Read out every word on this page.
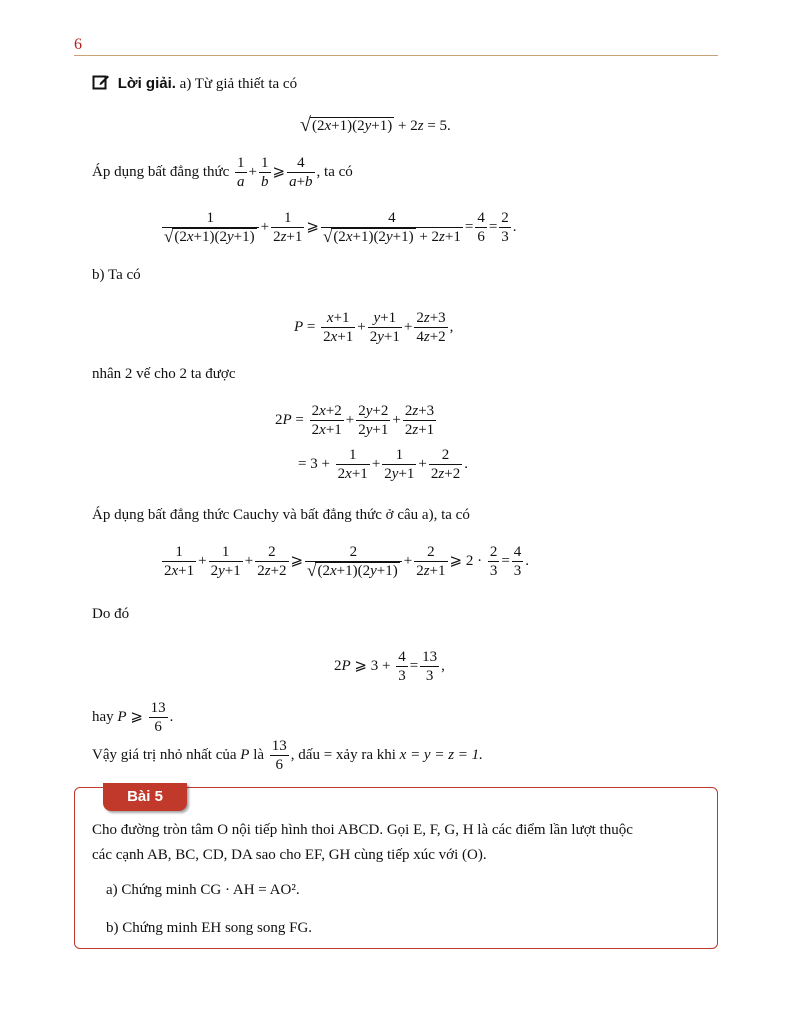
6
Lời giải. a) Từ giả thiết ta có
√(2x+1)(2y+1) + 2z = 5.
Áp dụng bất đẳng thức $\frac{1}{a} + \frac{1}{b}$ ⩾ $\frac{4}{a+b}$ , ta có
$\frac{1}{√(2x+1)(2y+1)} + \frac{1}{2z+1}$ ⩾ $\frac{4}{√(2x+1)(2y+1) + 2z+1} = \frac{4}{6} = \frac{2}{3}$ .
b) Ta có
$P = \frac{x+1}{2x+1} + \frac{y+1}{2y+1} + \frac{2z+3}{4z+2}$ ,
nhân 2 vế cho 2 ta được
$2P = \frac{2x+2}{2x+1} + \frac{2y+2}{2y+1} + \frac{2z+3}{2z+1}$
= $3 + \frac{1}{2x+1} + \frac{1}{2y+1} + \frac{2}{2z+2}$ .
Áp dụng bất đẳng thức Cauchy và bất đẳng thức ở câu a), ta có
$\frac{1}{2x+1} + \frac{1}{2y+1} + \frac{2}{2z+2}$ ⩾ $\frac{2}{√(2x+1)(2y+1)} + \frac{2}{2z+1}$ ⩾ $2 \cdot \frac{2}{3} = \frac{4}{3}$ .
Do đó
2P ⩾ $3 + \frac{4}{3} = \frac{13}{3}$ ,
hay P ⩾ $\frac{13}{6}$ .
Vậy giá trị nhỏ nhất của P là $\frac{13}{6}$ , dấu = xảy ra khi x = y = z = 1.
Bài 5
Cho đường tròn tâm O nội tiếp hình thoi ABCD. Gọi E, F, G, H là các điểm lần lượt thuộc
các cạnh AB, BC, CD, DA sao cho EF, GH cùng tiếp xúc với (O).
a) Chứng minh CG · AH = AO².
b) Chứng minh EH song song FG.
